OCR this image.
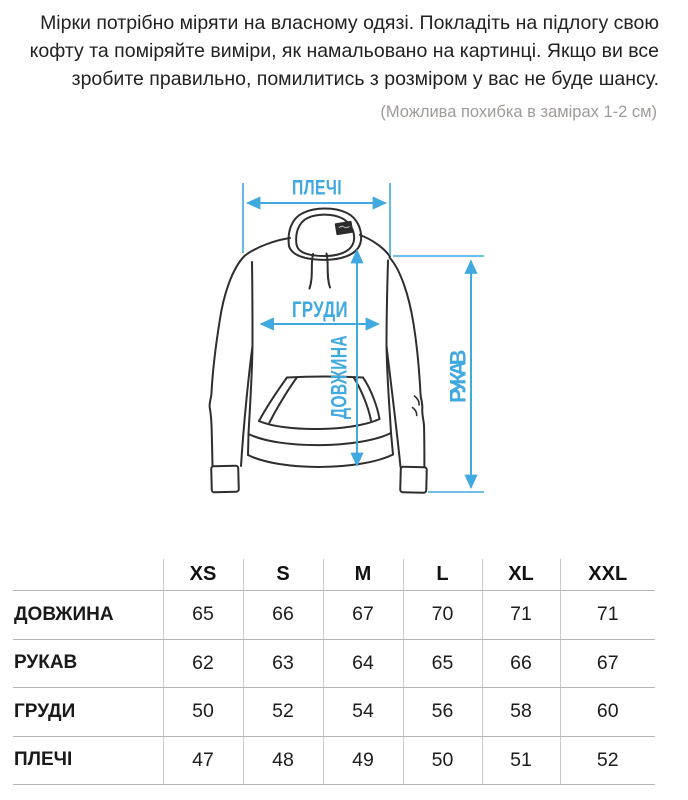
Мірки потрібно міряти на власному одязі. Покладіть на підлогу свою
кофту та поміряйте виміри, як намальовано на картинці. Якщо ви все
зробите правильно, помилитись з розміром у вас не буде шансу.
(Можлива похибка в замірах 1-2 см)
ПЛЕЧІ
ГРУДИ
ДОВЖИНА	РУКАВ
	XS	S	M	L	XL	XXL
ДОВЖИНА	65	66	67	70	71	71
РУКАВ	62	63	64	65	66	67
ГРУДИ	50	52	54	56	58	60
ПЛЕЧІ	47	48	49	50	51	52
